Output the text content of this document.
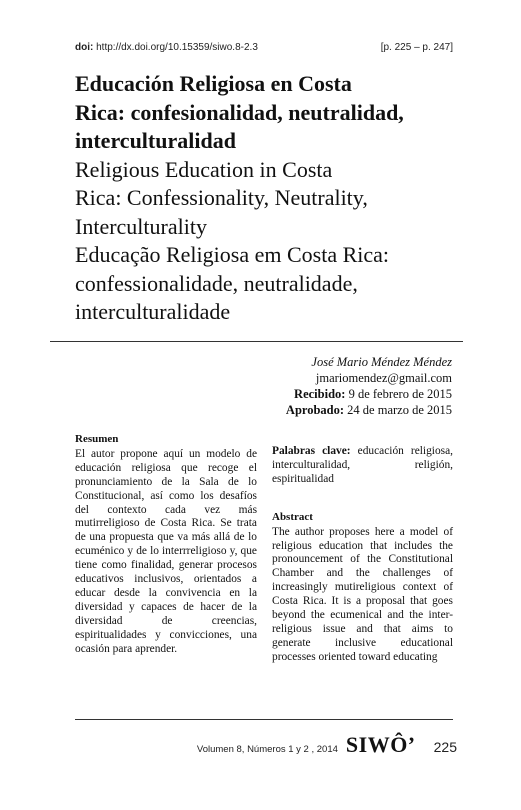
doi: http://dx.doi.org/10.15359/siwo.8-2.3	[p. 225 – p. 247]
Educación Religiosa en Costa
Rica: confesionalidad, neutralidad,
interculturalidad

Religious Education in Costa
Rica: Confessionality, Neutrality,
Interculturality

Educação Religiosa em Costa Rica:
confessionalidade, neutralidade,
interculturalidade

José Mario Méndez Méndez
jmariomendez@gmail.com
Recibido: 9 de febrero de 2015
Aprobado: 24 de marzo de 2015
Resumen

El autor propone aquí un modelo de educación religiosa que recoge el pronunciamiento de la Sala de lo Constitucional, así como los desafíos del contexto cada vez más mutirreligioso de Costa Rica. Se trata de una propuesta que va más allá de lo ecuménico y de lo interrreligioso y, que tiene como finalidad, generar procesos educativos inclusivos, orientados a educar desde la convivencia en la diversidad y capaces de hacer de la diversidad de creencias, espiritualidades y convicciones, una ocasión para aprender.

Palabras clave: educación religiosa, interculturalidad, religión, espiritualidad

Abstract

The author proposes here a model of religious education that includes the pronouncement of the Constitutional Chamber and the challenges of increasingly mutireligious context of Costa Rica. It is a proposal that goes beyond the ecumenical and the inter-religious issue and that aims to generate inclusive educational processes oriented toward educating

Volumen 8, Números 1 y 2 , 2014 SIWÔ’ 225
